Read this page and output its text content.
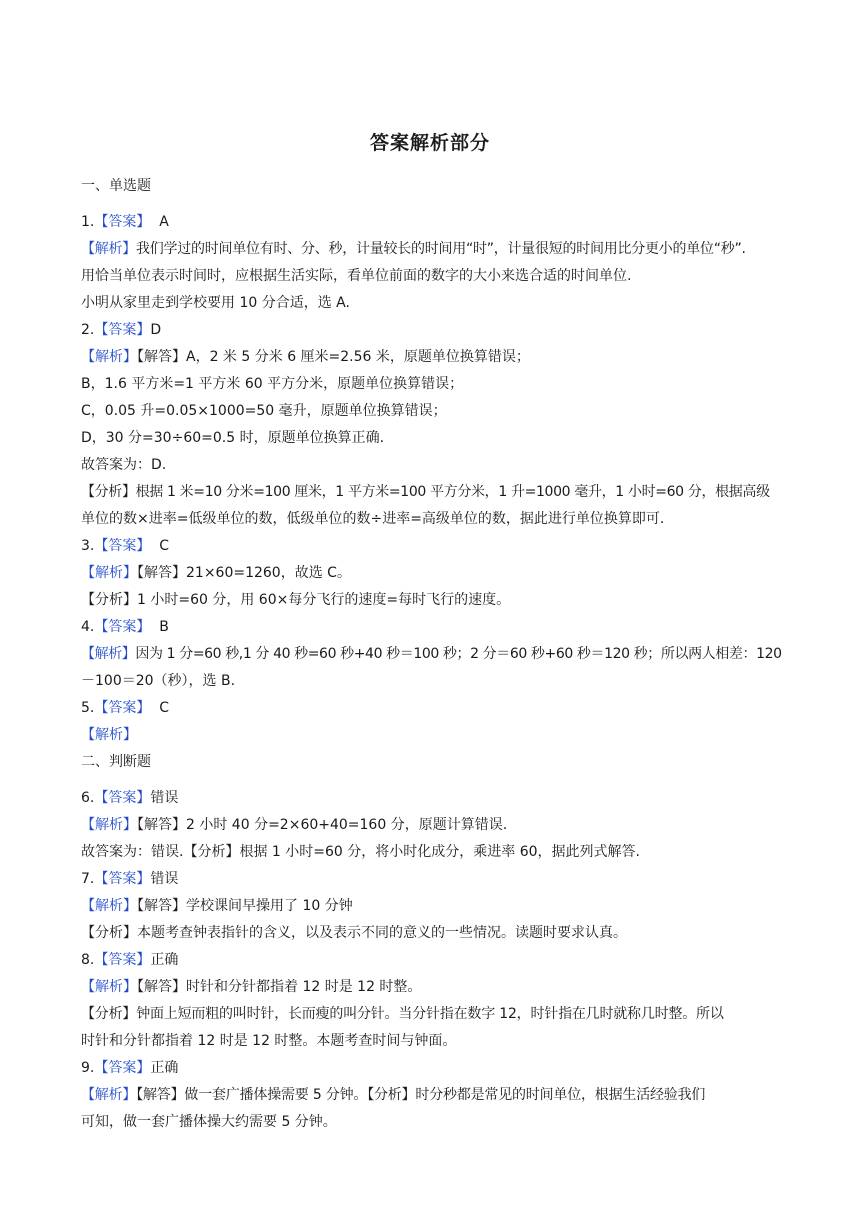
答案解析部分
一、单选题
1.【答案】  A
【解析】我们学过的时间单位有时、分、秒，计量较长的时间用“时”，计量很短的时间用比分更小的单位“秒”.
用恰当单位表示时间时，应根据生活实际，看单位前面的数字的大小来选合适的时间单位.
小明从家里走到学校要用 10 分合适，选 A.
2.【答案】D
【解析】【解答】A，2 米 5 分米 6 厘米=2.56 米，原题单位换算错误；
B，1.6 平方米=1 平方米 60 平方分米，原题单位换算错误；
C，0.05 升=0.05×1000=50 毫升，原题单位换算错误；
D，30 分=30÷60=0.5 时，原题单位换算正确.
故答案为：D.
【分析】根据 1 米=10 分米=100 厘米，1 平方米=100 平方分米，1 升=1000 毫升，1 小时=60 分，根据高级
单位的数×进率=低级单位的数，低级单位的数÷进率=高级单位的数，据此进行单位换算即可.
3.【答案】  C
【解析】【解答】21×60=1260，故选 C。
【分析】1 小时=60 分，用 60×每分飞行的速度=每时飞行的速度。
4.【答案】  B
【解析】因为 1 分=60 秒,1 分 40 秒=60 秒+40 秒＝100 秒；2 分＝60 秒+60 秒＝120 秒；所以两人相差：120
－100＝20（秒），选 B.
5.【答案】  C
【解析】
二、判断题
6.【答案】错误
【解析】【解答】2 小时 40 分=2×60+40=160 分，原题计算错误.
故答案为：错误.【分析】根据 1 小时=60 分，将小时化成分，乘进率 60，据此列式解答.
7.【答案】错误
【解析】【解答】学校课间早操用了 10 分钟
【分析】本题考查钟表指针的含义，以及表示不同的意义的一些情况。读题时要求认真。
8.【答案】正确
【解析】【解答】时针和分针都指着 12 时是 12 时整。
【分析】钟面上短而粗的叫时针，长而瘦的叫分针。当分针指在数字 12，时针指在几时就称几时整。所以
时针和分针都指着 12 时是 12 时整。本题考查时间与钟面。
9.【答案】正确
【解析】【解答】做一套广播体操需要 5 分钟。【分析】时分秒都是常见的时间单位，根据生活经验我们
可知，做一套广播体操大约需要 5 分钟。
